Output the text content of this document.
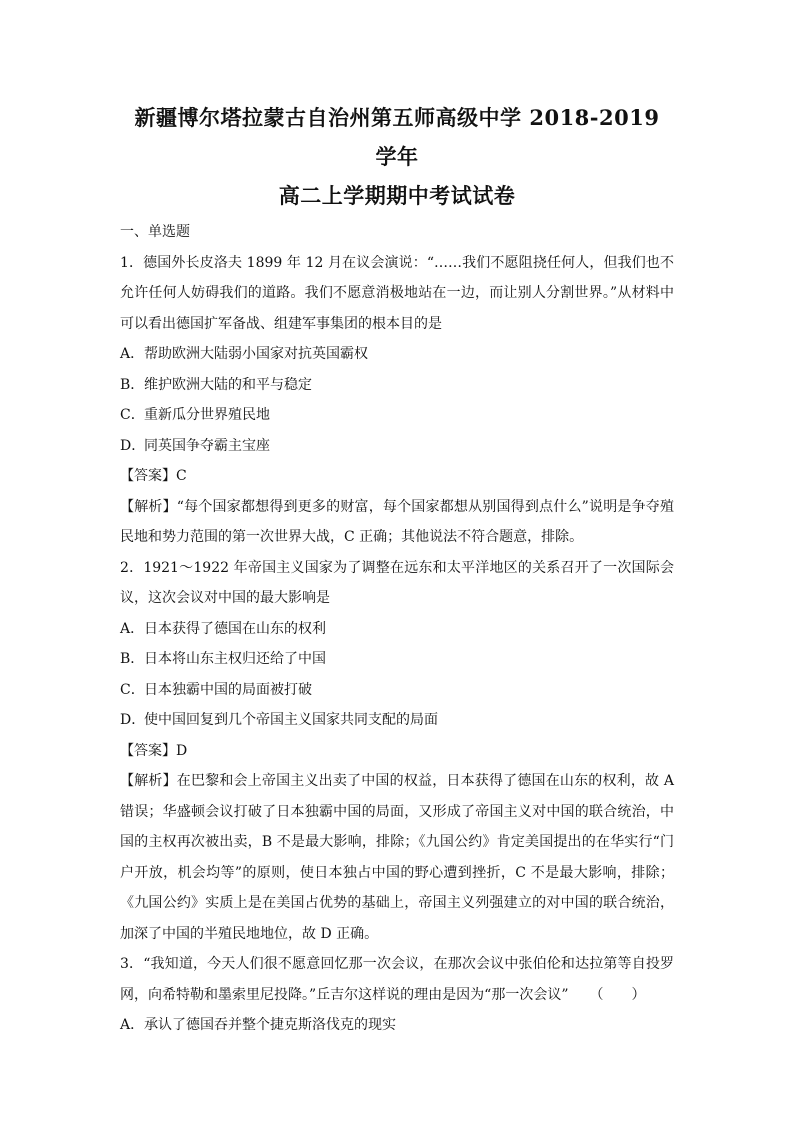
新疆博尔塔拉蒙古自治州第五师高级中学 2018-2019 学年
高二上学期期中考试试卷

一、单选题

1．德国外长皮洛夫 1899 年 12 月在议会演说：“……我们不愿阻挠任何人，但我们也不允许任何人妨碍我们的道路。我们不愿意消极地站在一边，而让别人分割世界。”从材料中可以看出德国扩军备战、组建军事集团的根本目的是

A．帮助欧洲大陆弱小国家对抗英国霸权
B．维护欧洲大陆的和平与稳定
C．重新瓜分世界殖民地
D．同英国争夺霸主宝座

【答案】C

【解析】“每个国家都想得到更多的财富，每个国家都想从别国得到点什么”说明是争夺殖民地和势力范围的第一次世界大战，C 正确；其他说法不符合题意，排除。

2．1921～1922 年帝国主义国家为了调整在远东和太平洋地区的关系召开了一次国际会议，这次会议对中国的最大影响是

A．日本获得了德国在山东的权利
B．日本将山东主权归还给了中国
C．日本独霸中国的局面被打破
D．使中国回复到几个帝国主义国家共同支配的局面

【答案】D

【解析】在巴黎和会上帝国主义出卖了中国的权益，日本获得了德国在山东的权利，故 A 错误；华盛顿会议打破了日本独霸中国的局面，又形成了帝国主义对中国的联合统治，中国的主权再次被出卖，B 不是最大影响，排除；《九国公约》肯定美国提出的在华实行“门户开放，机会均等”的原则，使日本独占中国的野心遭到挫折，C 不是最大影响，排除；《九国公约》实质上是在美国占优势的基础上，帝国主义列强建立的对中国的联合统治，加深了中国的半殖民地地位，故 D 正确。

3．“我知道，今天人们很不愿意回忆那一次会议，在那次会议中张伯伦和达拉第等自投罗网，向希特勒和墨索里尼投降。”丘吉尔这样说的理由是因为“那一次会议”　　（　　）

A．承认了德国吞并整个捷克斯洛伐克的现实
